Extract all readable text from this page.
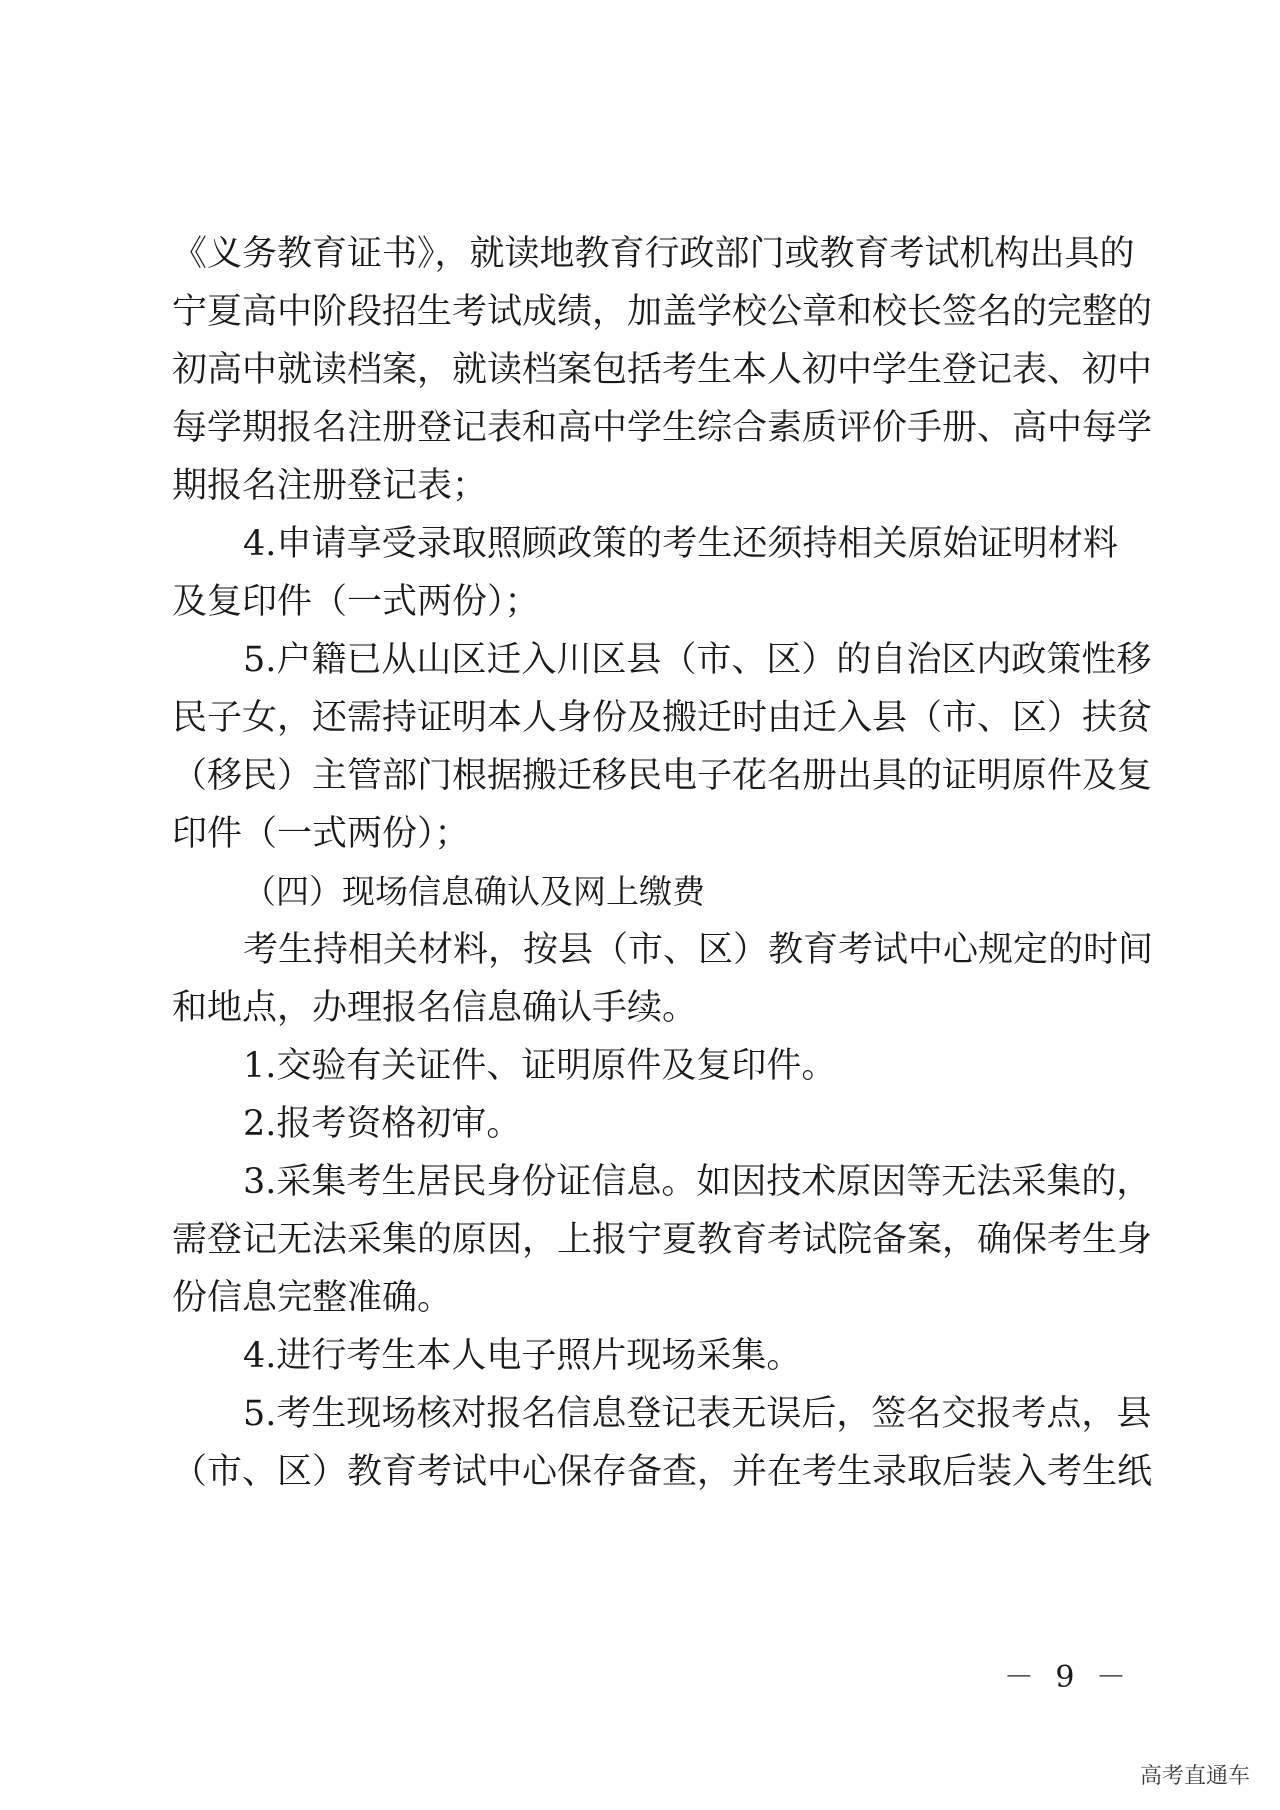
《义务教育证书》，就读地教育行政部门或教育考试机构出具的
宁夏高中阶段招生考试成绩，加盖学校公章和校长签名的完整的
初高中就读档案，就读档案包括考生本人初中学生登记表、初中
每学期报名注册登记表和高中学生综合素质评价手册、高中每学
期报名注册登记表；
4.申请享受录取照顾政策的考生还须持相关原始证明材料
及复印件（一式两份）；
5.户籍已从山区迁入川区县（市、区）的自治区内政策性移
民子女，还需持证明本人身份及搬迁时由迁入县（市、区）扶贫
（移民）主管部门根据搬迁移民电子花名册出具的证明原件及复
印件（一式两份）；
（四）现场信息确认及网上缴费
考生持相关材料，按县（市、区）教育考试中心规定的时间
和地点，办理报名信息确认手续。
1.交验有关证件、证明原件及复印件。
2.报考资格初审。
3.采集考生居民身份证信息。如因技术原因等无法采集的，
需登记无法采集的原因，上报宁夏教育考试院备案，确保考生身
份信息完整准确。
4.进行考生本人电子照片现场采集。
5.考生现场核对报名信息登记表无误后，签名交报考点，县
（市、区）教育考试中心保存备查，并在考生录取后装入考生纸
－ 9 －
高考直通车
